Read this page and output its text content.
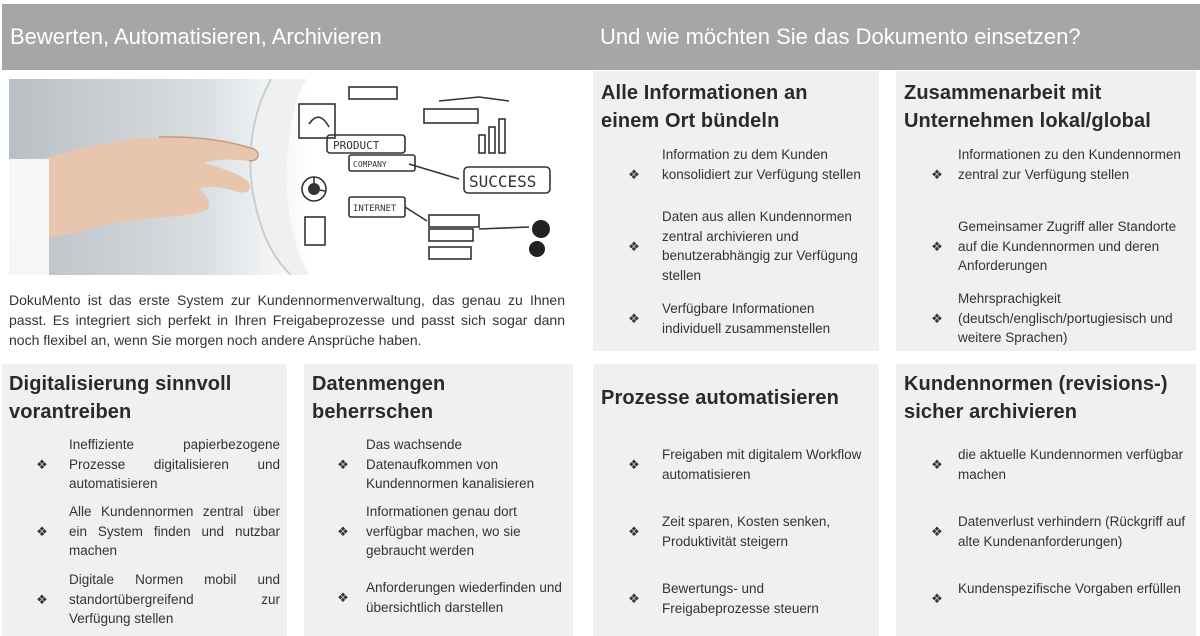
Bewerten, Automatisieren, Archivieren	Und wie möchten Sie das Dokumento einsetzen?
PRODUCT
COMPANY
INTERNET
SUCCESS

DokuMento ist das erste System zur Kundennormenverwaltung, das genau zu Ihnen passt. Es integriert sich perfekt in Ihren Freigabeprozesse und passt sich sogar dann noch flexibel an, wenn Sie morgen noch andere Ansprüche haben.

Alle Informationen an einem Ort bündeln
❖
Information zu dem Kunden konsolidiert zur Verfügung stellen
❖
Daten aus allen Kundennormen zentral archivieren und benutzerabhängig zur Verfügung stellen
❖
Verfügbare Informationen individuell zusammenstellen
Zusammenarbeit mit Unternehmen lokal/global
❖
Informationen zu den Kundennormen zentral zur Verfügung stellen
❖
Gemeinsamer Zugriff aller Standorte auf die Kundennormen und deren Anforderungen
❖
Mehrsprachigkeit (deutsch/englisch/portugiesisch und weitere Sprachen)
Digitalisierung sinnvoll vorantreiben
❖
Ineffiziente papierbezogene Prozesse digitalisieren und automatisieren
❖
Alle Kundennormen zentral über ein System finden und nutzbar machen
❖
Digitale Normen mobil und standortübergreifend zur Verfügung stellen
Datenmengen beherrschen
❖
Das wachsende Datenaufkommen von Kundennormen kanalisieren
❖
Informationen genau dort verfügbar machen, wo sie gebraucht werden
❖
Anforderungen wiederfinden und übersichtlich darstellen
Prozesse automatisieren
❖
Freigaben mit digitalem Workflow automatisieren
❖
Zeit sparen, Kosten senken, Produktivität steigern
❖
Bewertungs- und Freigabeprozesse steuern
Kundennormen (revisions-) sicher archivieren
❖
die aktuelle Kundennormen verfügbar machen
❖
Datenverlust verhindern (Rückgriff auf alte Kundenanforderungen)
❖
Kundenspezifische Vorgaben erfüllen
